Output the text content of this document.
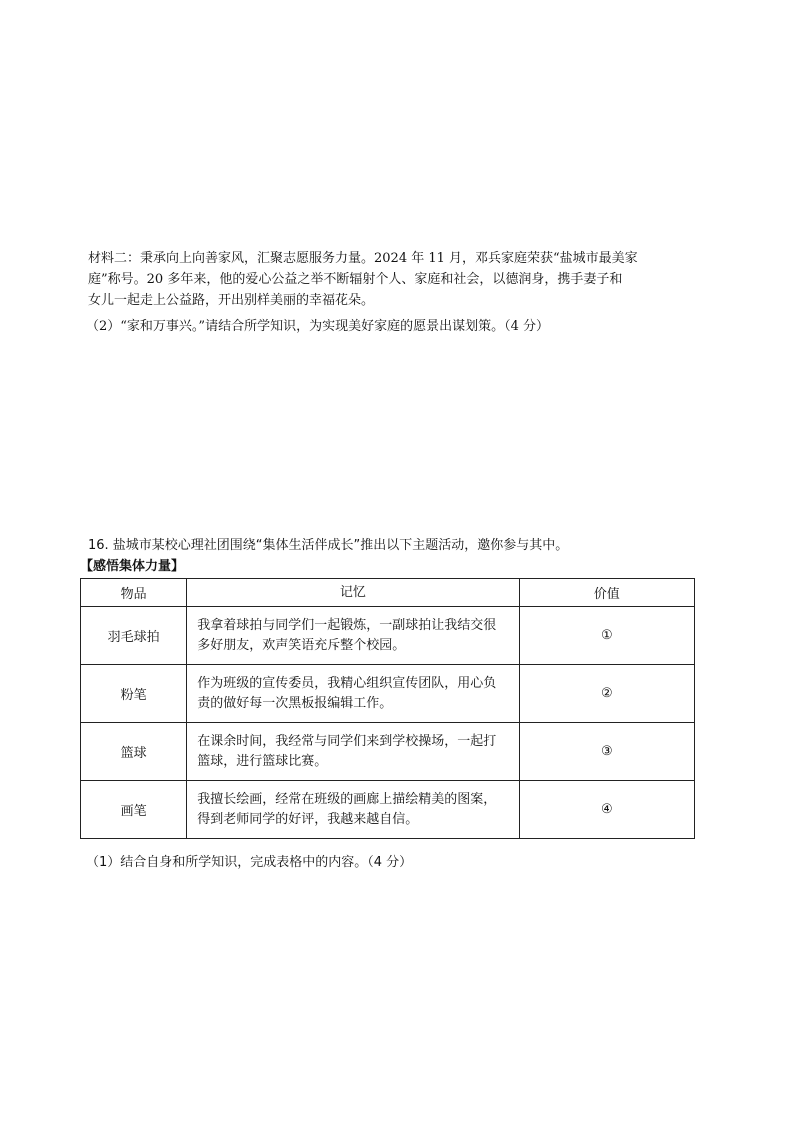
材料二：秉承向上向善家风，汇聚志愿服务力量。2024 年 11 月，邓兵家庭荣获“盐城市最美家

庭”称号。20 多年来，他的爱心公益之举不断辐射个人、家庭和社会，以德润身，携手妻子和

女儿一起走上公益路，开出别样美丽的幸福花朵。

（2）“家和万事兴。”请结合所学知识，为实现美好家庭的愿景出谋划策。（4 分）
16. 盐城市某校心理社团围绕“集体生活伴成长”推出以下主题活动，邀你参与其中。
【感悟集体力量】
物品	记忆	价值
羽毛球拍	我拿着球拍与同学们一起锻炼，一副球拍让我结交很多好朋友，欢声笑语充斥整个校园。	①
粉笔	作为班级的宣传委员，我精心组织宣传团队，用心负责的做好每一次黑板报编辑工作。	②
篮球	在课余时间，我经常与同学们来到学校操场，一起打篮球，进行篮球比赛。	③
画笔	我擅长绘画，经常在班级的画廊上描绘精美的图案，得到老师同学的好评，我越来越自信。	④
（1）结合自身和所学知识，完成表格中的内容。（4 分）
